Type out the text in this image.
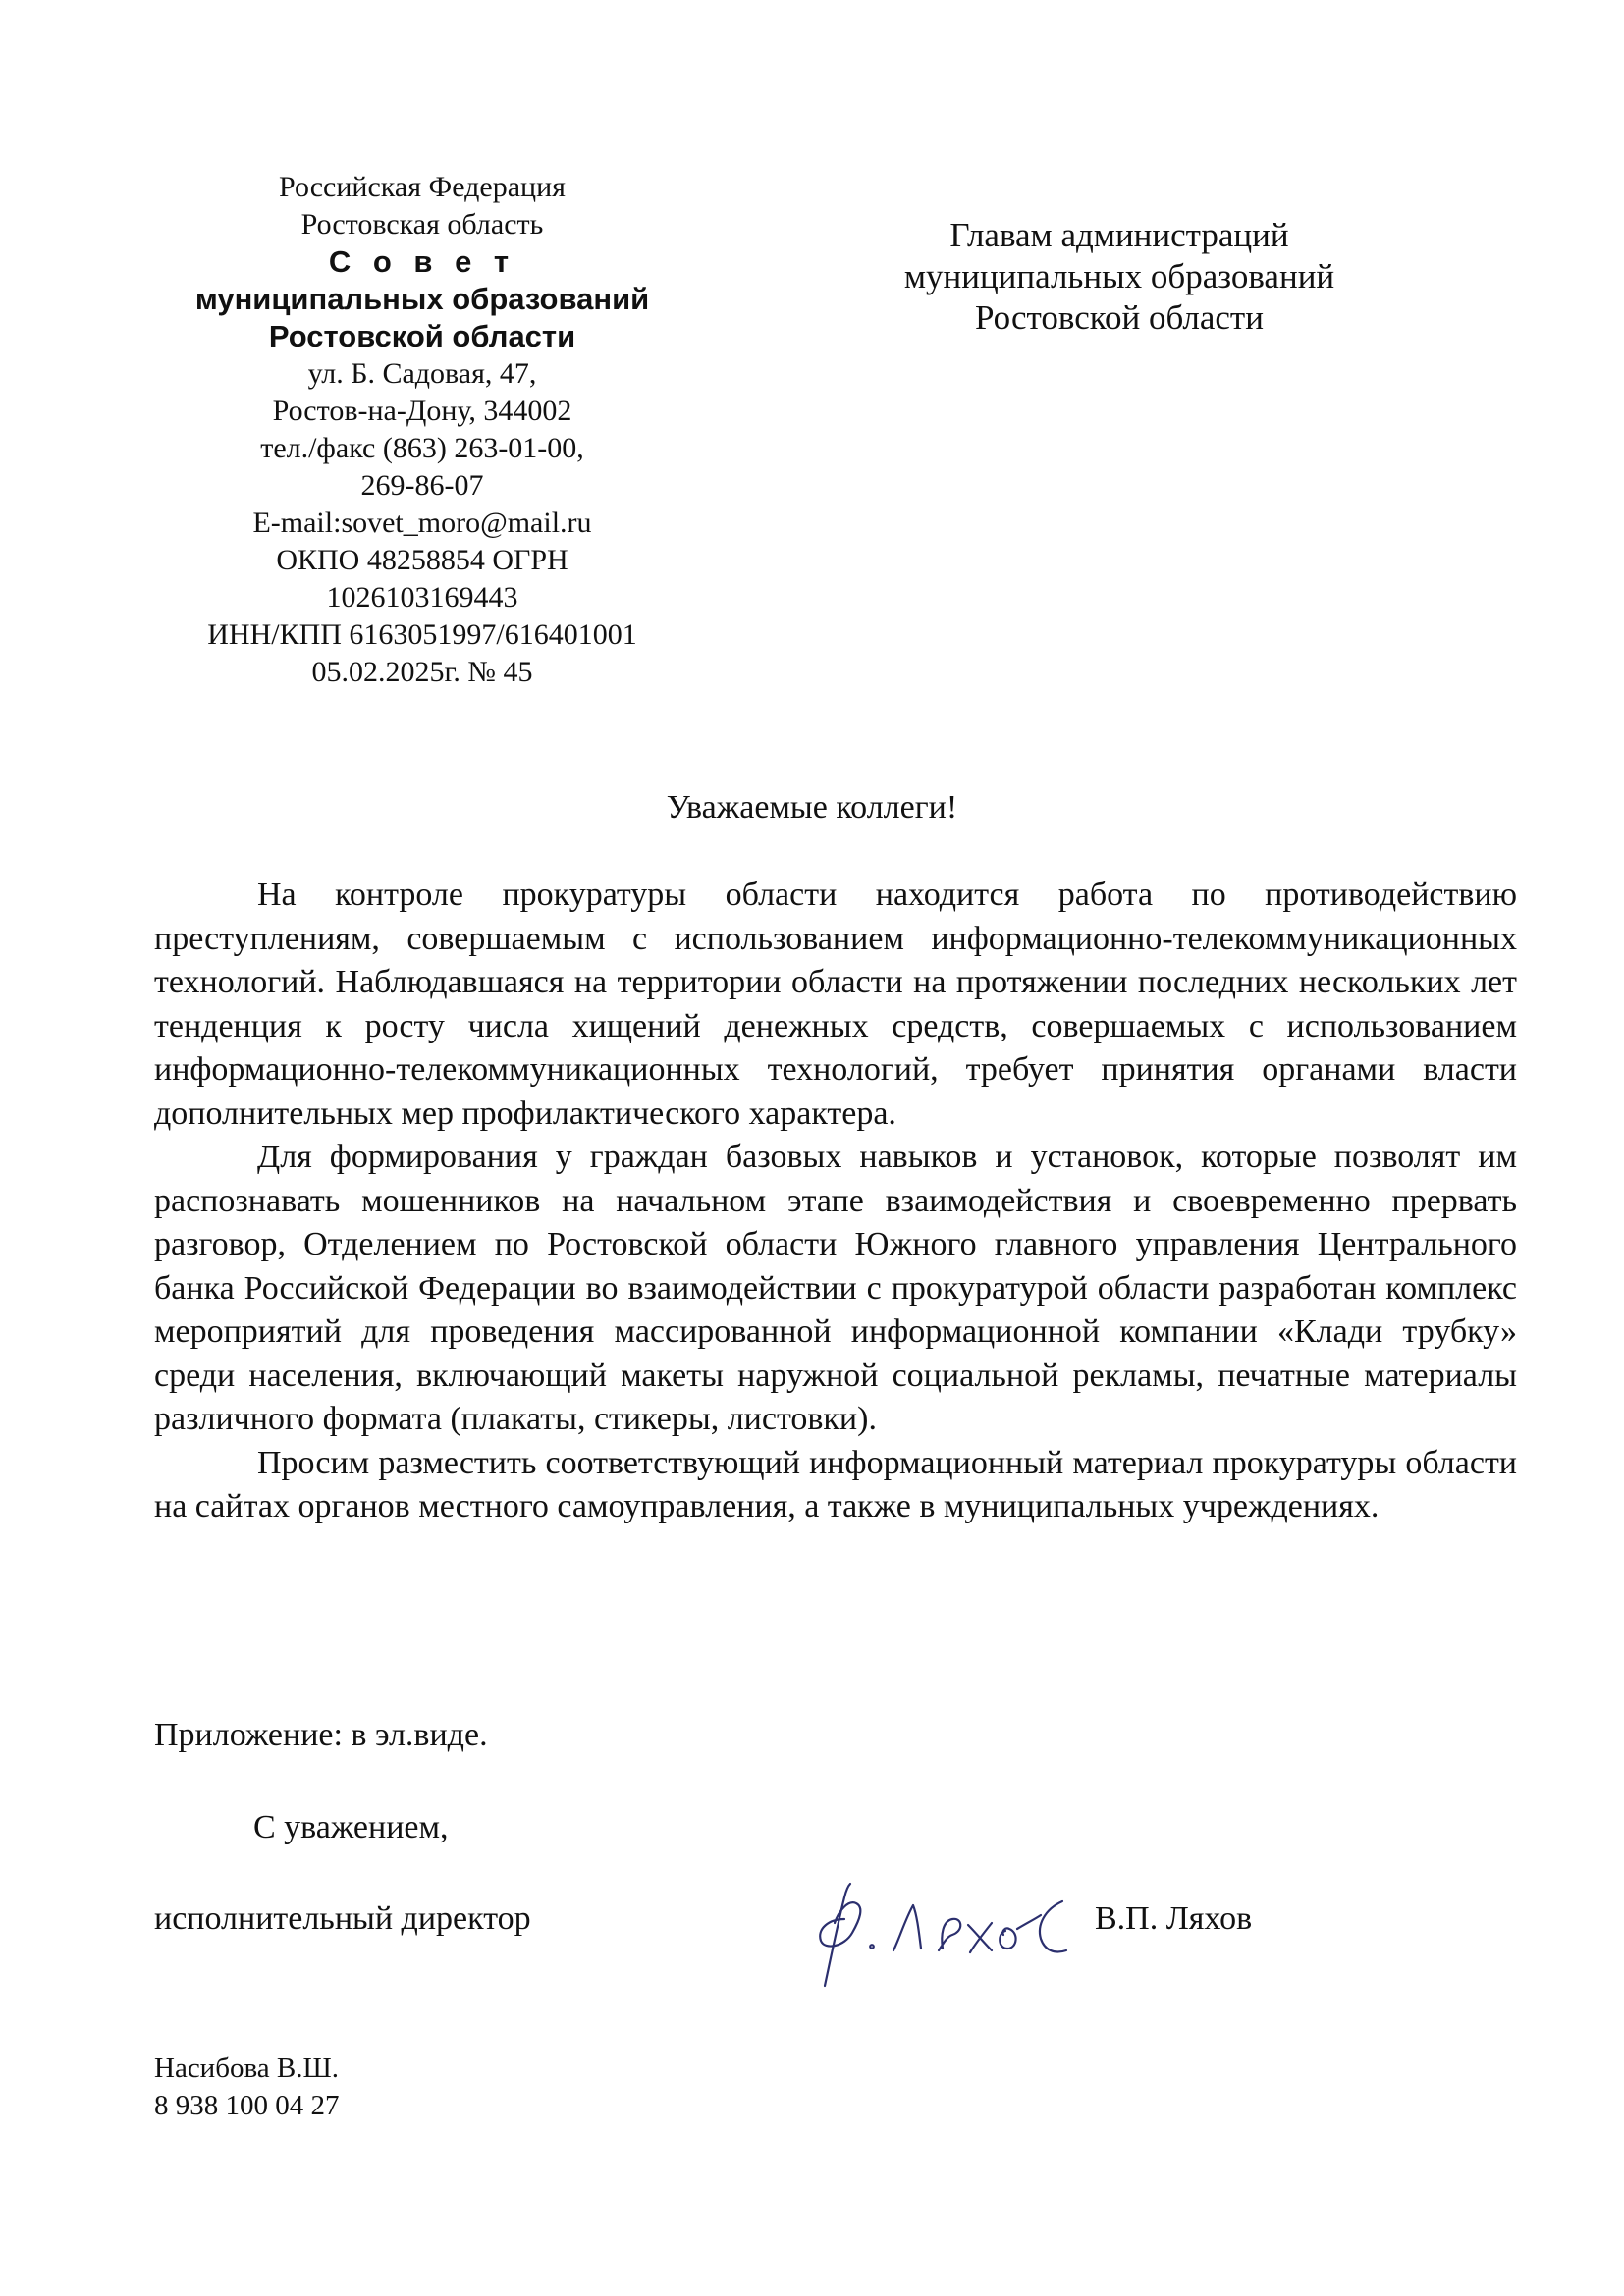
Российская Федерация
Ростовская область
С о в е т
муниципальных образований
Ростовской области
ул. Б. Садовая, 47,
Ростов-на-Дону, 344002
тел./факс (863) 263-01-00,
269-86-07
E-mail:sovet_moro@mail.ru
ОКПО 48258854 ОГРН
1026103169443
ИНН/КПП 6163051997/616401001
05.02.2025г. № 45
Главам администраций
муниципальных образований
Ростовской области
Уважаемые коллеги!

На контроле прокуратуры области находится работа по противодействию преступлениям, совершаемым с использованием информационно-телекоммуникационных технологий. Наблюдавшаяся на территории области на протяжении последних нескольких лет тенденция к росту числа хищений денежных средств, совершаемых с использованием информационно-телекоммуникационных технологий, требует принятия органами власти дополнительных мер профилактического характера.

Для формирования у граждан базовых навыков и установок, которые позволят им распознавать мошенников на начальном этапе взаимодействия и своевременно прервать разговор, Отделением по Ростовской области Южного главного управления Центрального банка Российской Федерации во взаимодействии с прокуратурой области разработан комплекс мероприятий для проведения массированной информационной компании «Клади трубку» среди населения, включающий макеты наружной социальной рекламы, печатные материалы различного формата (плакаты, стикеры, листовки).

Просим разместить соответствующий информационный материал прокуратуры области на сайтах органов местного самоуправления, а также в муниципальных учреждениях.

Приложение: в эл.виде.
С уважением,
исполнительный директор	В.П. Ляхов
Насибова В.Ш.
8 938 100 04 27
